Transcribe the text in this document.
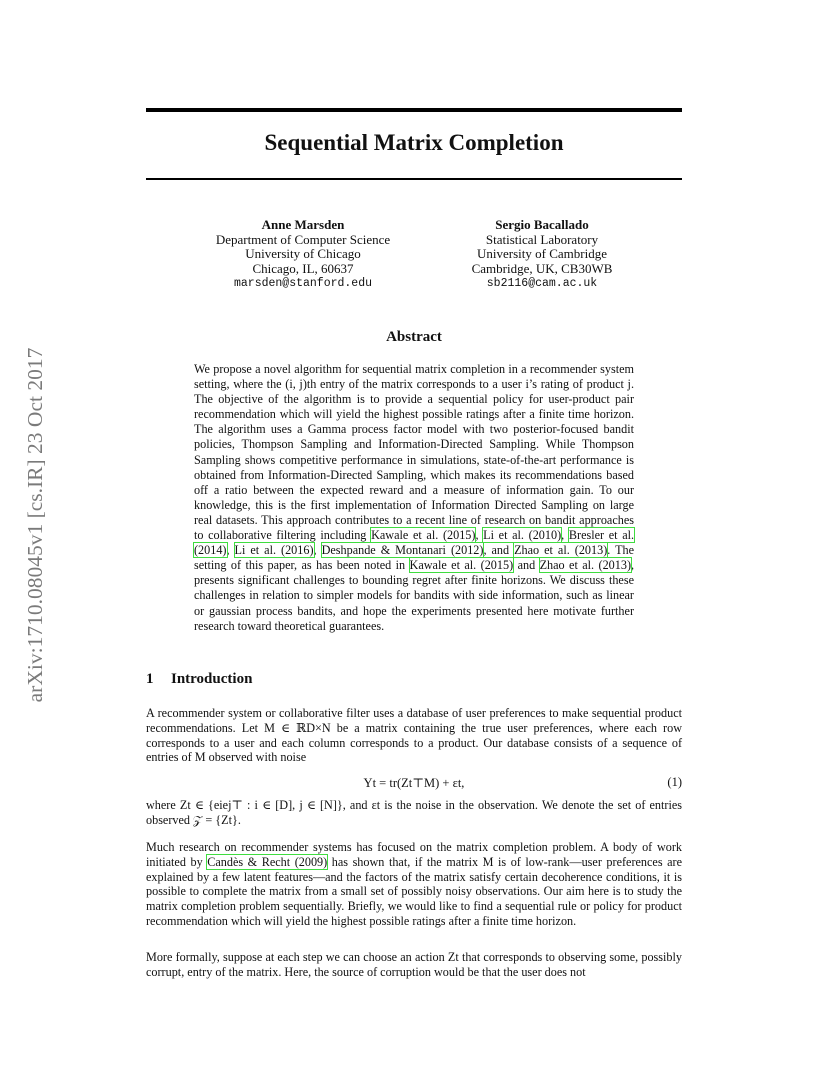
arXiv:1710.08045v1 [cs.IR] 23 Oct 2017
Sequential Matrix Completion
Anne Marsden
Department of Computer Science
University of Chicago
Chicago, IL, 60637
marsden@stanford.edu
Sergio Bacallado
Statistical Laboratory
University of Cambridge
Cambridge, UK, CB30WB
sb2116@cam.ac.uk
Abstract
We propose a novel algorithm for sequential matrix completion in a recommender system setting, where the (i, j)th entry of the matrix corresponds to a user i’s rating of product j. The objective of the algorithm is to provide a sequential policy for user-product pair recommendation which will yield the highest possible ratings after a finite time horizon. The algorithm uses a Gamma process factor model with two posterior-focused bandit policies, Thompson Sampling and Information-Directed Sampling. While Thompson Sampling shows competitive performance in simulations, state-of-the-art performance is obtained from Information-Directed Sampling, which makes its recommendations based off a ratio between the expected reward and a measure of information gain. To our knowledge, this is the first implementation of Information Directed Sampling on large real datasets. This approach contributes to a recent line of research on bandit approaches to collaborative filtering including Kawale et al. (2015), Li et al. (2010), Bresler et al. (2014), Li et al. (2016), Deshpande & Montanari (2012), and Zhao et al. (2013). The setting of this paper, as has been noted in Kawale et al. (2015) and Zhao et al. (2013), presents significant challenges to bounding regret after finite horizons. We discuss these challenges in relation to simpler models for bandits with side information, such as linear or gaussian process bandits, and hope the experiments presented here motivate further research toward theoretical guarantees.
1 Introduction
A recommender system or collaborative filter uses a database of user preferences to make sequential product recommendations. Let M ∈ ℝD×N be a matrix containing the true user preferences, where each row corresponds to a user and each column corresponds to a product. Our database consists of a sequence of entries of M observed with noise
Yt = tr(Zt⊤M) + εt,	(1)
where Zt ∈ {eiej⊤ : i ∈ [D], j ∈ [N]}, and εt is the noise in the observation. We denote the set of entries observed 𝒵 = {Zt}.
Much research on recommender systems has focused on the matrix completion problem. A body of work initiated by Candès & Recht (2009) has shown that, if the matrix M is of low-rank—user preferences are explained by a few latent features—and the factors of the matrix satisfy certain decoherence conditions, it is possible to complete the matrix from a small set of possibly noisy observations. Our aim here is to study the matrix completion problem sequentially. Briefly, we would like to find a sequential rule or policy for product recommendation which will yield the highest possible ratings after a finite time horizon.
More formally, suppose at each step we can choose an action Zt that corresponds to observing some, possibly corrupt, entry of the matrix. Here, the source of corruption would be that the user does not
